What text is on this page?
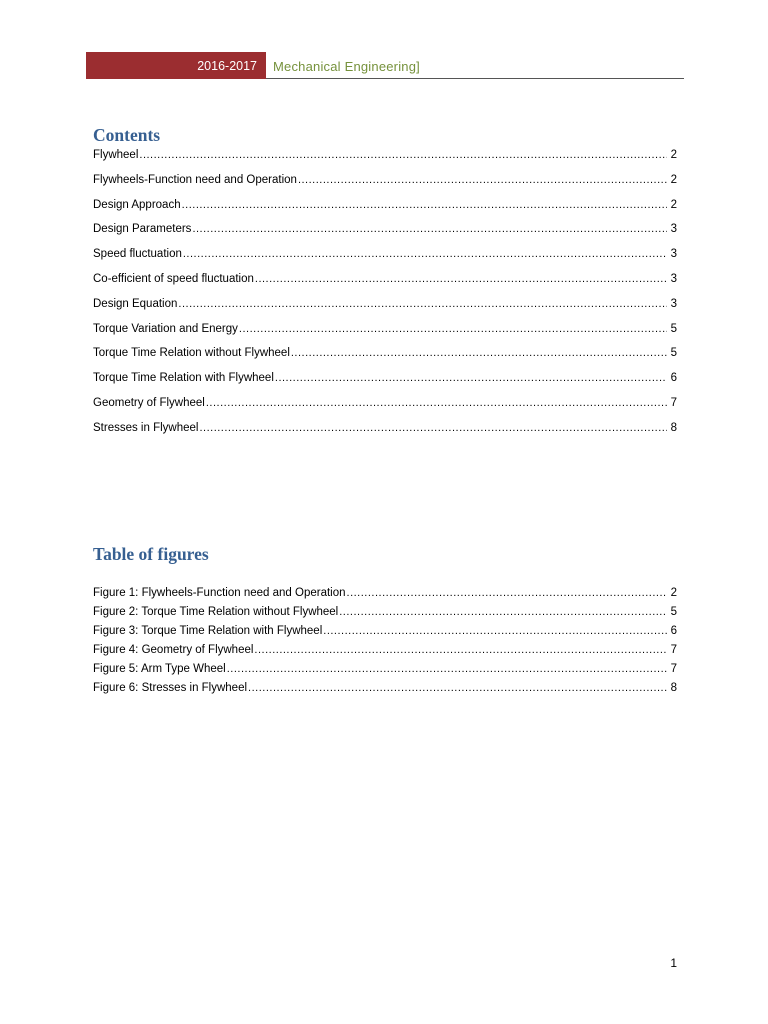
2016-2017 Mechanical Engineering]
Contents
Flywheel .....	2
Flywheels-Function need and Operation .....	2
Design Approach .....	2
Design Parameters .....	3
Speed fluctuation .....	3
Co-efficient of speed fluctuation .....	3
Design Equation .....	3
Torque Variation and Energy .....	5
Torque Time Relation without Flywheel .....	5
Torque Time Relation with Flywheel .....	6
Geometry of Flywheel .....	7
Stresses in Flywheel .....	8
Table of figures
Figure 1: Flywheels-Function need and Operation .....	2
Figure 2: Torque Time Relation without Flywheel .....	5
Figure 3: Torque Time Relation with Flywheel .....	6
Figure 4: Geometry of Flywheel .....	7
Figure 5: Arm Type Wheel .....	7
Figure 6: Stresses in Flywheel .....	8
1
